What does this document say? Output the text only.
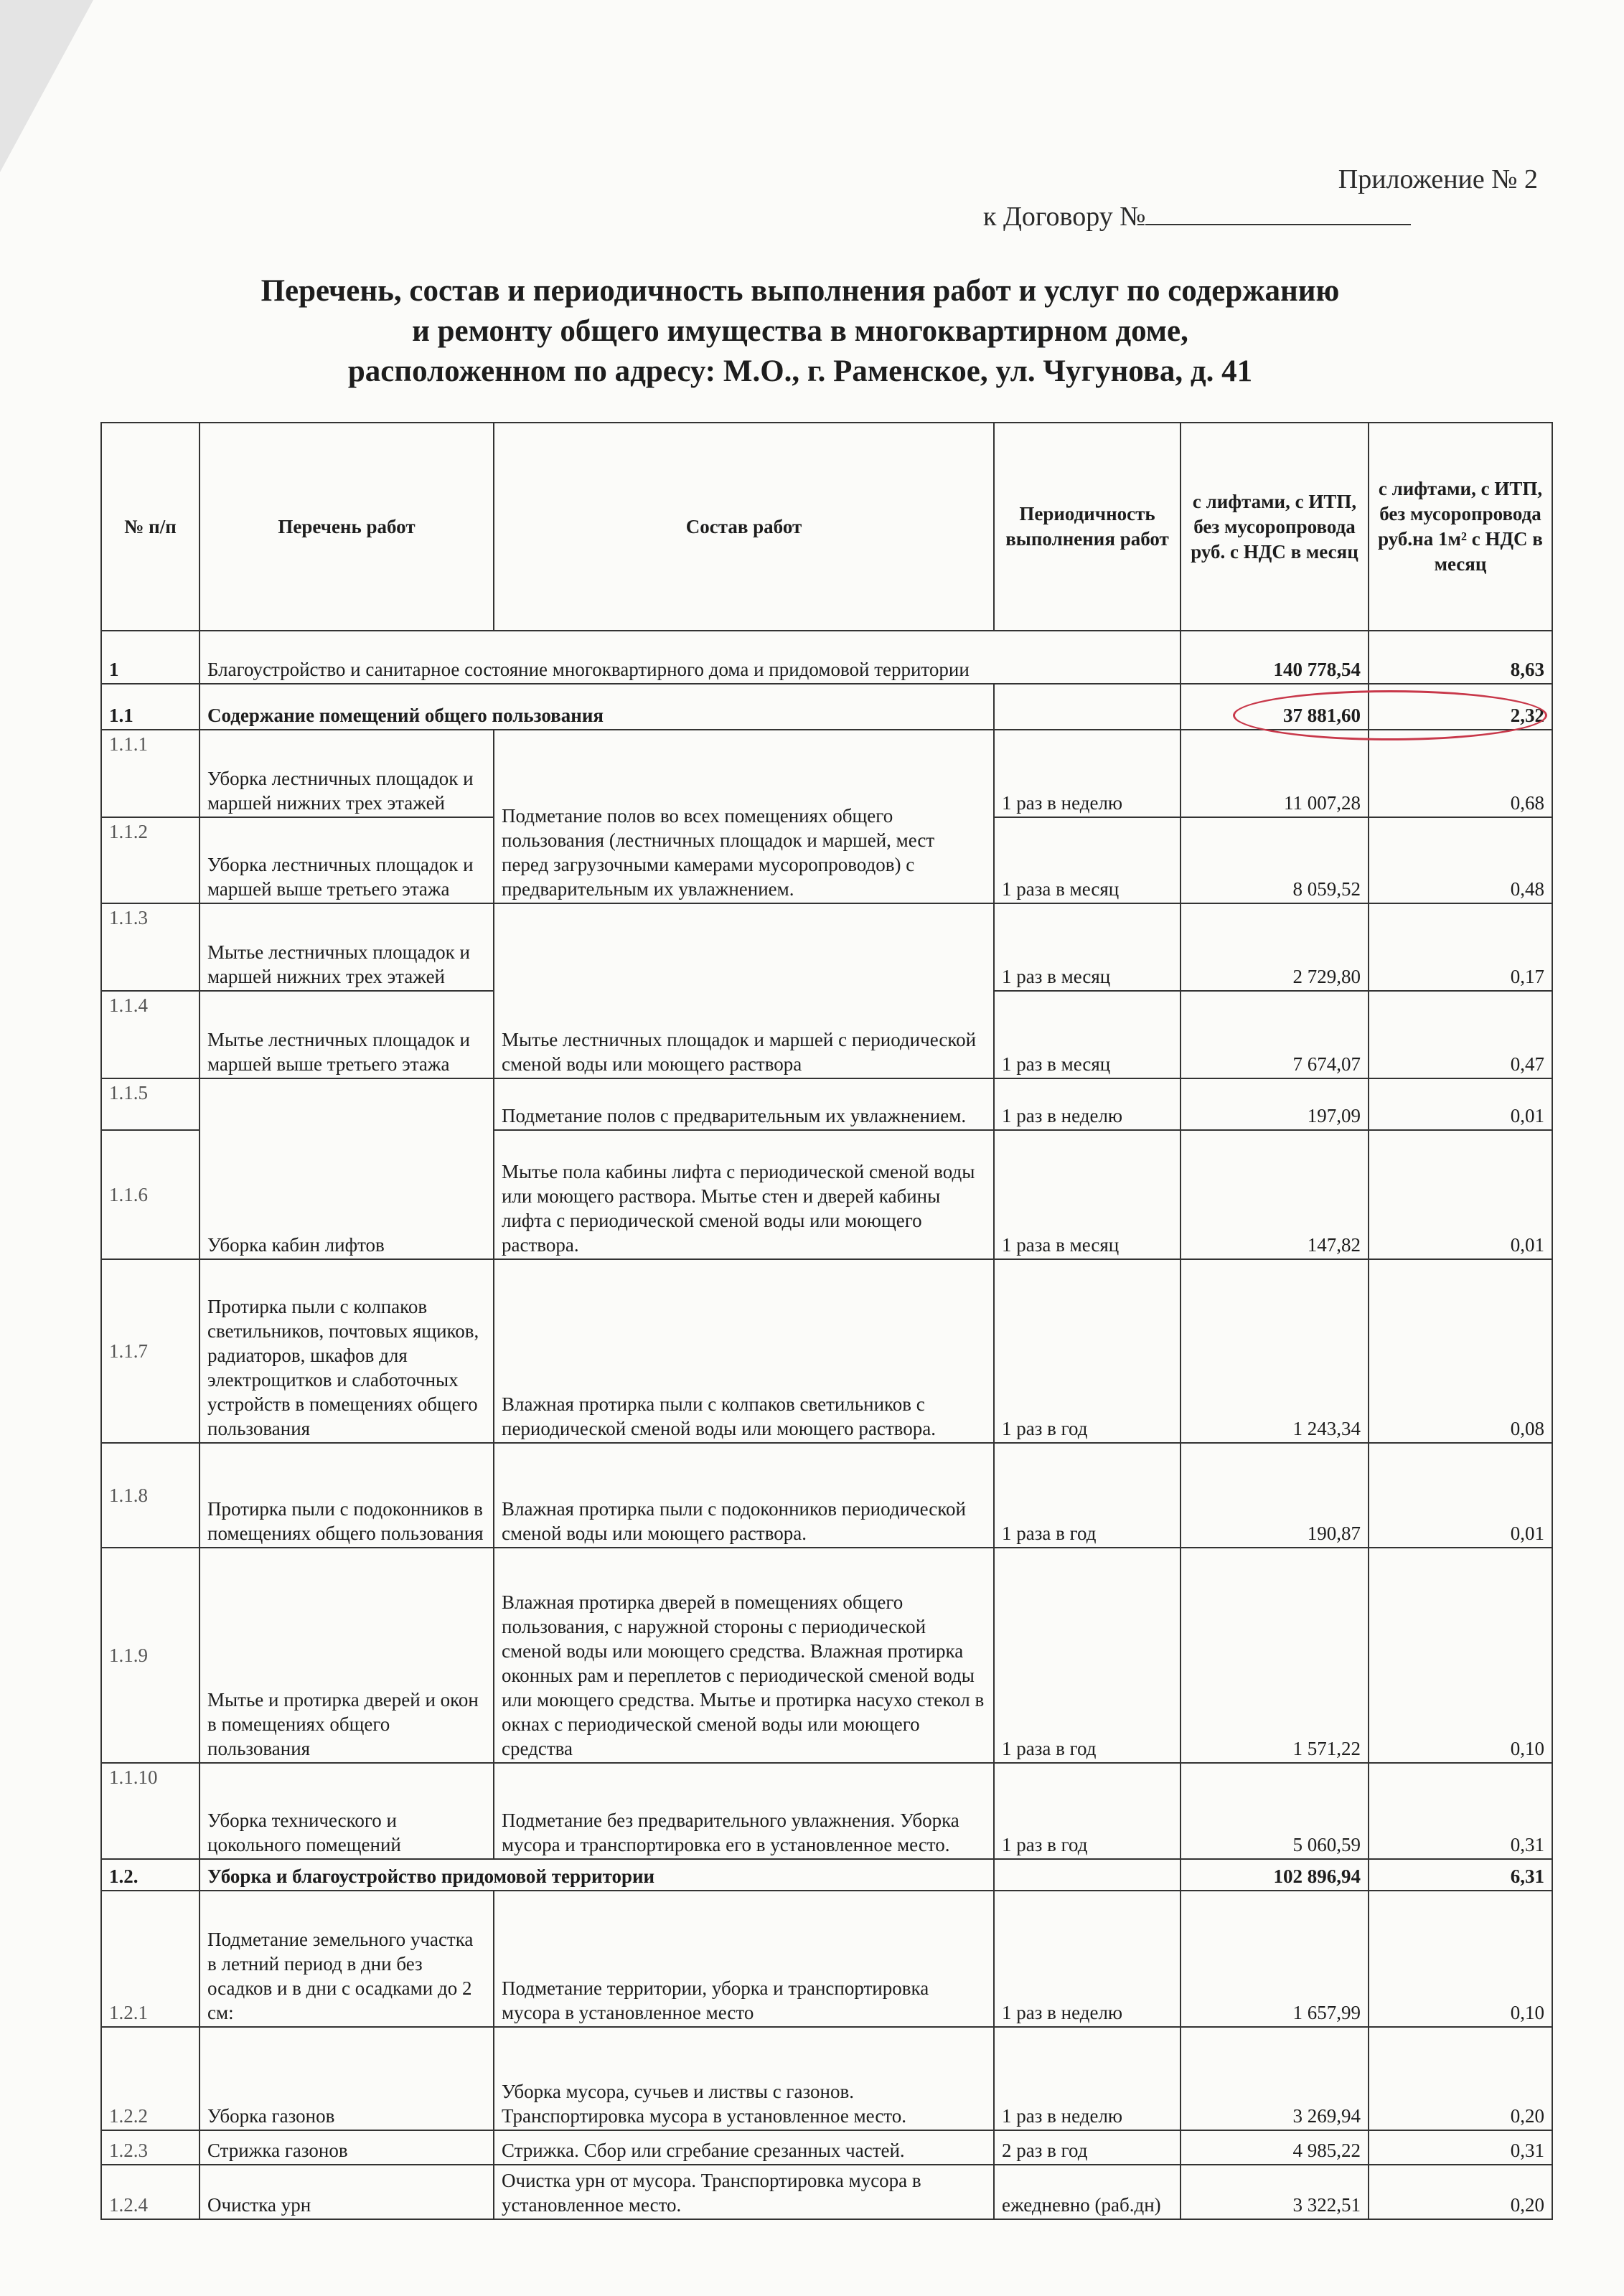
Приложение № 2
к Договору №
Перечень, состав и периодичность выполнения работ и услуг по содержанию
и ремонту общего имущества в многоквартирном доме,
расположенном по адресу: М.О., г. Раменское, ул. Чугунова, д. 41
№ п/п	Перечень работ	Состав работ	Периодичность выполнения работ	с лифтами, с ИТП, без мусоропровода руб. с НДС в месяц	с лифтами, с ИТП, без мусоропровода руб.на 1м² с НДС в месяц
1	Благоустройство и санитарное состояние многоквартирного дома и придомовой территории			140 778,54	8,63
1.1	Содержание помещений общего пользования			37 881,60	2,32
1.1.1	Уборка лестничных площадок и маршей нижних трех этажей	Подметание полов во всех помещениях общего пользования (лестничных площадок и маршей, мест перед загрузочными камерами мусоропроводов) с предварительным их увлажнением.	1 раз в неделю	11 007,28	0,68
1.1.2	Уборка лестничных площадок и маршей выше третьего этажа		1 раза в месяц	8 059,52	0,48
1.1.3	Мытье лестничных площадок и маршей нижних трех этажей	Мытье лестничных площадок и маршей с периодической сменой воды или моющего раствора	1 раз в месяц	2 729,80	0,17
1.1.4	Мытье лестничных площадок и маршей выше третьего этажа		1 раз в месяц	7 674,07	0,47
1.1.5	Уборка кабин лифтов	Подметание полов с предварительным их увлажнением.	1 раз в неделю	197,09	0,01
1.1.6		Мытье пола кабины лифта с периодической сменой воды или моющего раствора. Мытье стен и дверей кабины лифта с периодической сменой воды или моющего раствора.	1 раза в месяц	147,82	0,01
1.1.7	Протирка пыли с колпаков светильников, почтовых ящиков, радиаторов, шкафов для электрощитков и слаботочных устройств в помещениях общего пользования	Влажная протирка пыли с колпаков светильников с периодической сменой воды или моющего раствора.	1 раз в год	1 243,34	0,08
1.1.8	Протирка пыли с подоконников в помещениях общего пользования	Влажная протирка пыли с подоконников периодической сменой воды или моющего раствора.	1 раза в год	190,87	0,01
1.1.9	Мытье и протирка дверей и окон в помещениях общего пользования	Влажная протирка дверей в помещениях общего пользования, с наружной стороны с периодической сменой воды или моющего средства. Влажная протирка оконных рам и переплетов с периодической сменой воды или моющего средства. Мытье и протирка насухо стекол в окнах с периодической сменой воды или моющего средства	1 раза в год	1 571,22	0,10
1.1.10	Уборка технического и цокольного помещений	Подметание без предварительного увлажнения. Уборка мусора и транспортировка его в установленное место.	1 раз в год	5 060,59	0,31
1.2.	Уборка и благоустройство придомовой территории			102 896,94	6,31
1.2.1	Подметание земельного участка в летний период в дни без осадков и в дни с осадками до 2 см:	Подметание территории, уборка и транспортировка мусора в установленное место	1 раз в неделю	1 657,99	0,10
1.2.2	Уборка газонов	Уборка мусора, сучьев и листвы с газонов. Транспортировка мусора в установленное место.	1 раз в неделю	3 269,94	0,20
1.2.3	Стрижка газонов	Стрижка. Сбор или сгребание срезанных частей.	2 раз в год	4 985,22	0,31
1.2.4	Очистка урн	Очистка урн от мусора. Транспортировка мусора в установленное место.	ежедневно (раб.дн)	3 322,51	0,20
